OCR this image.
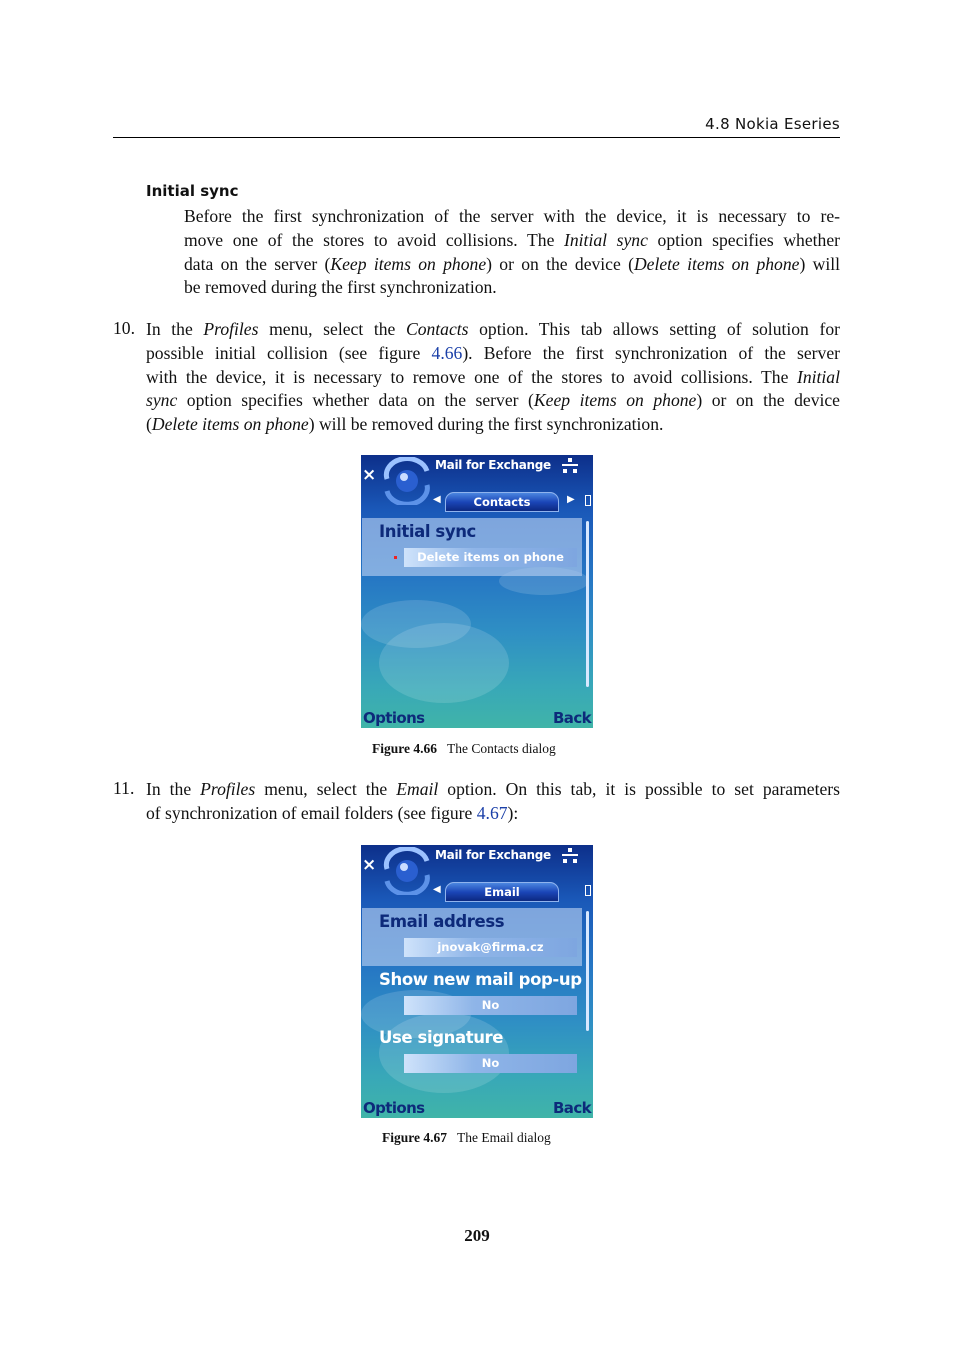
4.8 Nokia Eseries
Initial sync
Before the first synchronization of the server with the device, it is necessary to re-
move one of the stores to avoid collisions. The Initial sync option specifies whether
data on the server (Keep items on phone) or on the device (Delete items on phone) will
be removed during the first synchronization.
10. In the Profiles menu, select the Contacts option. This tab allows setting of solution for
possible initial collision (see figure 4.66). Before the first synchronization of the server
with the device, it is necessary to remove one of the stores to avoid collisions. The Initial
sync option specifies whether data on the server (Keep items on phone) or on the device
(Delete items on phone) will be removed during the first synchronization.
×	Mail for Exchange
◀	Contacts	▶
Initial sync
Delete items on phone
Options	Back
Figure 4.66 The Contacts dialog
11. In the Profiles menu, select the Email option. On this tab, it is possible to set parameters
of synchronization of email folders (see figure 4.67):
×	Mail for Exchange
◀	Email
Email address
jnovak@firma.cz
Show new mail pop-up
No
Use signature
No
Options	Back
Figure 4.67 The Email dialog
209
